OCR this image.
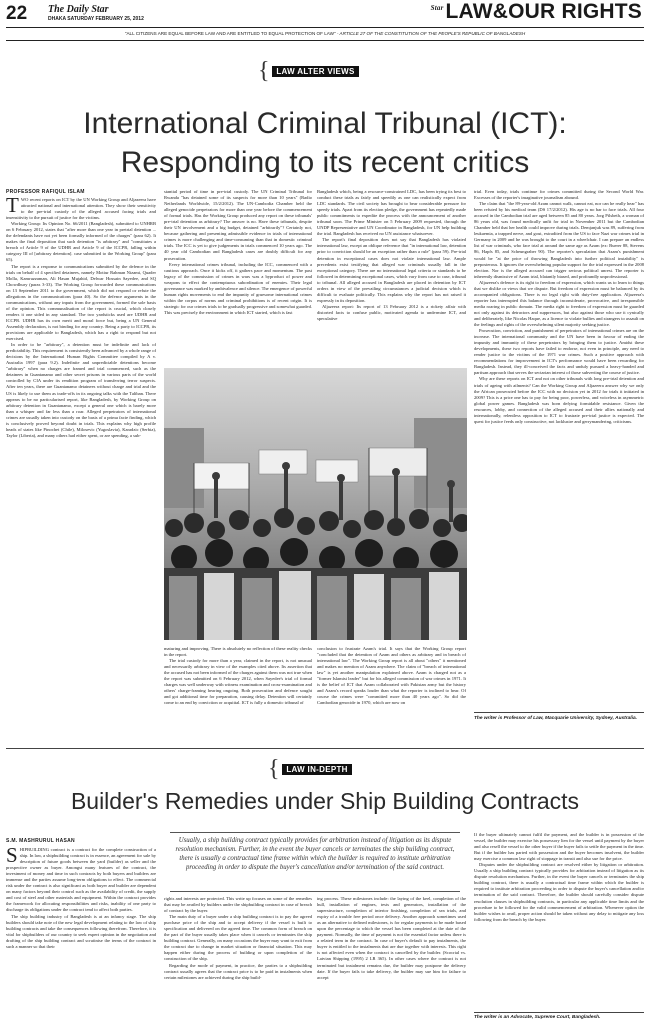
22 The Daily Star
DHAKA SATURDAY FEBRUARY 25, 2012
$^{Star}$LAW&OUR RIGHTS
"ALL CITIZENS ARE EQUAL BEFORE LAW AND ARE ENTITLED TO EQUAL PROTECTION OF LAW" - ARTICLE 27 OF THE CONSTITUTION OF THE PEOPLE'S REPUBLIC OF BANGLADESH
{ LAW ALTER VIEWS
International Criminal Tribunal (ICT):
Responding to its recent critics
PROFESSOR RAFIQUL ISLAM

TWO recent reports on ICT by the UN Working Group and Aljazeera have attracted national and international attention. They show their sensitivity to the pre-trial custody of the alleged accused facing trials and insensitivity to the pursuit of justice for the victims.

Working Group: Its Opinion No. 66/2011 (Bangladesh), submitted to UNHRB on 6 February 2012, states that "after more than one year in pretrial detention ... the defendants have not yet been formally informed of the charges" (para 62). It makes the final deposition that such detention "is arbitrary" and "constitutes a breach of Article 9 of the UDHR and Article 9 of the ICCPR, falling within category III of [arbitrary detention]. case submitted to the Working Group" (para 65).

The report is a response to communications submitted by the defence in the trials on behalf of 4 specified detainees, namely Motiur Rahman Nizami, Quader Molla, Kamruzzaman, Ali Hasan Mujahid, Delwar Hossain Sayedee, and SQ Chowdhury (paras 3-33). The Working Group forwarded these communications on 13 September 2011 to the government, which did not respond or refute the allegations in the communications (para 40). So the defence arguments in the communications, without any inputs from the government, formed the sole basis of the opinion. This communalisation of the report is crucial, which closely renders it one sided in any standard. The two yardsticks used are UDHR and ICCPR. UDHR has its own merit and moral force but, being a UN General Assembly declaration, is not binding for any country. Being a party to ICCPR, its provisions are applicable to Bangladesh, which has a right to respond but not exercised.

In order to be "arbitrary", a detention must be indefinite and lack of predictability. This requirement is consistently been advanced by a whole range of decisions by the International Human Rights Committee compiled by A v. Australia 1997 (para 9.2). Indefinite and unpredictable detentions become "arbitrary" when no charges are framed and trial commenced, such as the detainees in Guantanamo and other secret prisons in various parts of the world controlled by CIA under its rendition program of transferring terror suspects. After ten years, there are Guantanamo detainees without charge and trial and the US is likely to use them as trade-offs in its ongoing talks with the Taliban. There appears to be no particularised report, like Bangladesh, by Working Group on arbitrary detention in Guantanamo, except a general one which is barely more than a whisper and far less than a roar. Alleged perpetrators of international crimes are usually taken into custody on the basis of a prima facie finding, which is conclusively proved beyond doubt in trials. This explains why high profile heads of states like Pinochet (Chile), Milosevic (Yugoslavia), Karadzic (Serbia), Taylor (Liberia), and many others had either spent, or are spending, a sub-

stantial period of time in pre-trial custody. The UN Criminal Tribunal for Rwanda "has detained some of its suspects for more than 10 years" (Radio Netherlands Worldwide, 15/2/2012). The UN-Cambodia Chamber held the alleged genocide perpetrators for more than one year before the commencement of formal trials. Has the Working Group produced any report on these tribunals' pre-trial detention as arbitrary? The answer is no. Have these tribunals, despite their UN involvement and a big budget, detained "arbitrarily"? Certainly not, because gathering and presenting admissible evidence in trials of international crimes is more challenging and time-consuming than that in domestic criminal trials. The ICC is yet to give judgements in trials commenced 10 years ago. The 40 year old Cambodian and Bangladesh cases are doubly difficult for any prosecution.

Every international crimes tribunal, including the ICC, commenced with a cautious approach. Once it kicks off, it gathers pace and momentum. The past legacy of the commission of crimes in wars was a byproduct of power and weapons to effect the contemptuous subordination of enemies. Their legal governance was marked by ambivalence and silence. The emergence of powerful human rights movements to end the impunity of gruesome international crimes within the corpus of norms and criminal prohibitions is of recent origin. It is strategic for our crimes trials to be gradually progressive and somewhat guarded. This was precisely the environment in which ICT started, which is fast

Bangladesh which, being a resource-constrained LDC, has been trying its best to conduct these trials as fairly and speedily as one can realistically expect from LDC standards. The civil society has brought to bear considerable pressure for speedy trials. Apart from its election pledge, the government has repeatedly made public commitments to expedite the process with the announcement of another tribunal soon. The Prime Minister on 5 February 2009 requested, through the UNDP Representative and UN Coordinator in Bangladesh, for UN help building the trial. Bangladesh has received no UN assistance whatsoever.

The report's final deposition does not say that Bangladesh has violated international law, except an oblique reference that "in international law, detention prior to conviction should be an exception rather than a rule" (para 59). Pre-trial detention in exceptional cases does not violate international law. Ample precedents exist testifying that alleged war criminals usually fall in the exceptional category. There are no international legal criteria or standards to be followed in determining exceptional cases, which vary from case to case, tribunal to tribunal. All alleged accused in Bangladesh are placed in detention by ICT orders in view of the prevailing circumstances a judicial decision which is difficult to evaluate politically. This explains why the report has not raised it expressly in its deposition.

Aljazeera report: Its report of 13 February 2012 is a rickety affair with distorted facts to confuse public, motivated agenda to undermine ICT, and speculative

maturing and improving. There is absolutely no reflection of these reality checks in the report.

The trial custody for more than a year, claimed in the report, is not unusual and necessarily arbitrary in view of the examples cited above. Its assertion that the accused has not been informed of the charges against them was not true when the report was submitted on 6 February 2012, when Sayedee's trial of formal charges was well underway with witness examination and cross-examination and others' charge-framing hearing ongoing. Both prosecution and defence sought and got additional time for preparation, causing delay. Detention will certainly come to an end by conviction or acquittal. ICT is fully a domestic tribunal of

conclusion to frustrate Azam's trial. It says that the Working Group report "concluded that the detention of Azam and others as arbitrary and in breach of international law". The Working Group report is all about "others" it mentioned and makes no mention of Azam anywhere. The claim of "breach of international law" is yet another manipulation explained above. Azam is charged not as a "former Islamist leader" but for his alleged commission of war crimes in 1971. It is the belief of ICT that Azam collaborated with Pakistan army but the history and Azam's record speaks louder than what the reporter is inclined to hear. Of course the crimes were "committed more than 40 years ago". So did the Cambodian genocide in 1970, which are now on

trial. Even today, trials continue for crimes committed during the Second World War. Excesses of the reporter's imaginative journalism abound.

The claim that "the 89-year-old Azam cannot walk, cannot eat, nor can he really hear" has been refuted by his medical team (DS 17/2/2012). His age is no bar to face trials. All four accused in the Cambodian trial are aged between 85 and 80 years. Jorg Pilsbeth, a woman of 86 years old, was found medically unfit for trial in November 2011 but the Cambodian Chamber held that her health could improve during trials. Demjanjuk was 89, suffering from leukaemia, a trapped nerve, and gout, extradited from the US to face Nazi war crimes trial in Germany in 2009 and he was brought to the court in a wheelchair. I can prepare an endless list of war criminals, who face trial at around the same age as Azam (ex: Buerer 88, Stevens 86, Hapfs 85, and Scheungraber 90). The reporter's speculation that Azam's punishment would be "at the price of throwing Bangladesh into further political instability" is preposterous. It ignores the overwhelming popular support for the trial expressed in the 2008 election. Nor is the alleged accused can trigger serious political unrest. The reporter is inherently dismissive of Azam trial, blatantly biased, and profoundly unprofessional.

Aljazeera's defence is its right to freedom of expression, which wants us to learn to things that we dislike or views that we dispute. But freedom of expression must be balanced by its accompanied obligations. There is no legal right with duty-free application. Aljazeera's reporter has interrupted this balance through inconsiderate, provocative, and irresponsible media roaring in public domain. The media right to freedom of expression must be guarded not only against its detractors and suppressors, but also against those who use it cynically and deliberately, like Nicolas Haque, as a licence to violate bullies and strangers to assault on the feelings and rights of the overwhelming silent majority seeking justice.

Prosecution, conviction, and punishment of perpetrators of international crimes are on the increase. The international community and the UN have been in favour of ending the impunity and immunity of these perpetrators by bringing them to justice. Amidst these developments, these two reports have failed to endorse, not even in principle, any need to render justice to the victims of the 1971 war crimes. Such a positive approach with recommendations for improvement in ICT's performance would have been rewarding for Bangladesh. Instead, they ill-conceived the facts and unduly pursued a heavy-handed and partisan approach that serves the sectarian interest of those subverting the course of justice.

Why are these reports on ICT and not on other tribunals with long pre-trial detention and trials of ageing with ailments? Can the Working Group and Aljazeera answer why we only the African prosecuted before the ICC with no decision yet in 2012 for trials it initiated in 2009? This is a price one has to pay for being poor, powerless, and voiceless in asymmetric global power games. Bangladesh was born defying formidable resistance. Given the resources, lobby, and connection of the alleged accused and their allies nationally and internationally, relentless opposition to ICT to frustrate pre-trial justice is expected. The quest for justice feeds only constructive, not lacklustre and gerrymandering, criticisms.

The writer is Professor of Law, Macquarie University, Sydney, Australia.
{ LAW IN-DEPTH
Builder's Remedies under Ship Building Contracts
S.M. MASHRURUL HASAN

SHIPBUILDING contract is a contract for the complete construction of a ship. In law, a shipbuilding contract is in essence, an agreement for sale by description of future goods between the yard (builder) as seller and the prospective owner as buyer. Amongst many features of the contract, the investment of money and time in such contracts by both buyers and builders are immense and the parties assume long-term obligations to effect. The commercial risk under the contract is also significant as both buyer and builder are dependent on many factors beyond their control such as the availability of credit, the supply and cost of steel and other materials and equipment. Within the contract provides the framework for allocating responsibilities and risks, inability of one party to discharge its obligations under the contract tend to affect both parties.

The ship building industry of Bangladesh is at an infancy stage. The ship builders should take note of the new legal development relating to the law of ship building contracts and take the consequences following therefrom. Therefore, it is vital for shipbuilders of our country to seek expert opinion in the negotiation and drafting of the ship building contract and scrutinise the terms of the contract in such a manner so that their

Usually, a ship building contract typically provides for arbitration instead of litigation as its dispute resolution mechanism. Further, in the event the buyer cancels or terminates the ship building contract, there is usually a contractual time frame within which the builder is required to institute arbitration proceeding in order to dispute the buyer's cancellation and/or termination of the said contract.

rights and interests are protected. This write up focuses on some of the remedies that may be availed by builders under the shipbuilding contract in case of breach of contract by the buyer.

The main duty of a buyer under a ship building contract is to pay the agreed purchase price of the ship and to accept delivery if the vessel is built to specification and delivered on the agreed time. The common form of breach on the part of the buyer usually takes place when it cancels or terminates the ship building contract. Generally, on many occasions the buyer may want to exit from the contract due to change in market situation or financial situation. This may happen either during the process of building or upon completion of the construction of the ship.

Regarding the mode of payment, in practice, the parties to a shipbuilding contract usually agrees that the contract price is to be paid in instalments when certain milestones are achieved during the ship build-

ing process. These milestones include: the laying of the keel, completion of the hull, installation of engines, tests and generators, installation of the superstructure, completion of interior finishing, completion of sea trials, and expiry of a trouble free period once delivery. Another approach sometimes used as an alternative to defined milestones, is for regular payments to be made based upon the percentage to which the vessel has been completed at the date of the payment. Normally, the time of payment is not the essential factor unless there is a related term in the contract. In case of buyer's default to pay instalments, the buyer is entitled to the instalments that are due together with interests. This right is not affected even when the contract is cancelled by the builder. (Scocrial vs. Latvian Shipping (1995) 2 LR 365). In other cases where the contract is not terminated but instalment remains due, the builder may postpone the delivery date. If the buyer fails to take delivery, the builder may sue him for failure to accept

If the buyer ultimately cannot fulfil the payment, and the builder is in possession of the vessel, the builder may exercise his possessory lien for the vessel until payment by the buyer and also resell the vessel to the other buyer if the buyer fails to settle the payment in the time. But if the builder has parted with possession and the buyer becomes insolvent, the builder may exercise a common law right of stoppage in transit and also sue for the price.

Disputes under the shipbuilding contract are resolved either by litigation or arbitration. Usually a ship building contract typically provides for arbitration instead of litigation as its dispute resolution mechanism. Further, in the event the buyer cancels or terminates the ship building contract, there is usually a contractual time frame within which the builder is required to institute arbitration proceeding in order to dispute the buyer's cancellation and/or termination of the said contract. Therefore, the builder should carefully consider dispute resolution clauses in shipbuilding contracts, in particular any applicable time limits and the procedure to be followed for the valid commencement of arbitration. Whenever option the builder wishes to avail, proper action should be taken without any delay to mitigate any loss following from the breach by the buyer.

The writer is an Advocate, Supreme Court, Bangladesh.
